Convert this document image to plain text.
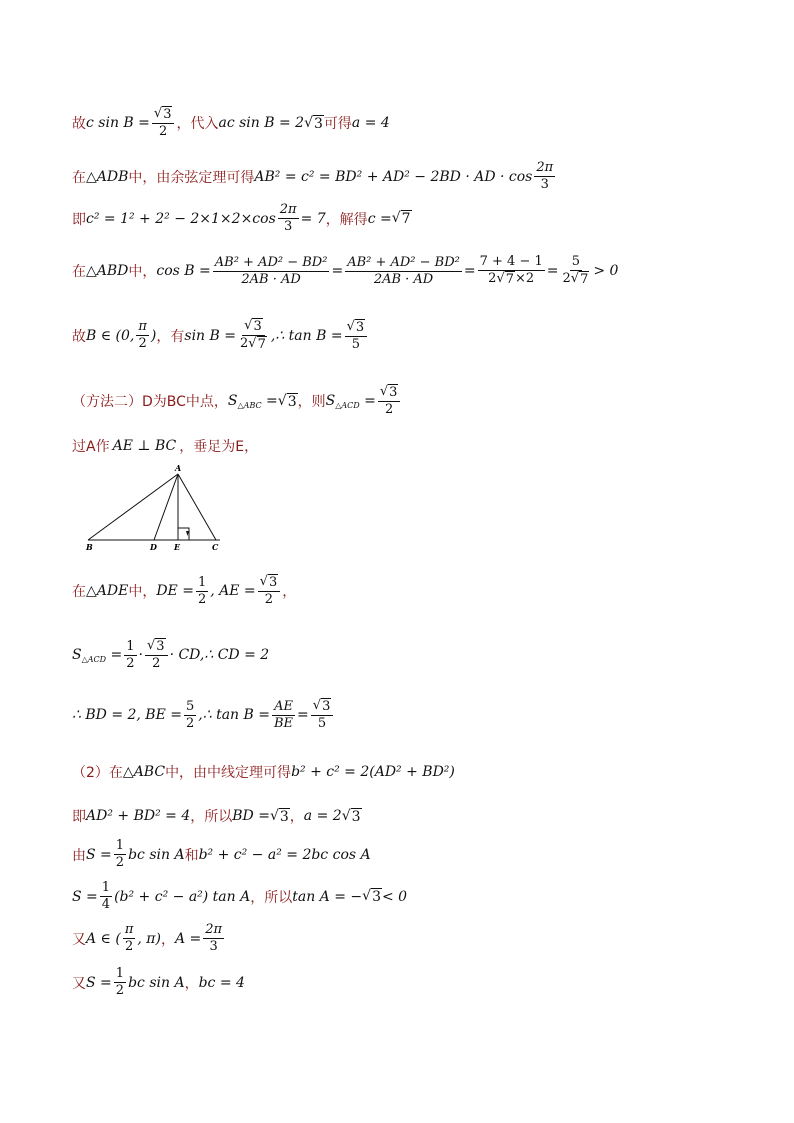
故 c $\sin B = \frac{√ 3}{2}$ ，代入 ac sin B = 2 √ 3 可得 a = 4
在 △ADB 中，由余弦定理可得 AB² = c² = BD² + AD² − 2BD · AD · $\cos \frac{2\pi}{3}$
即 $c^2 = 1^2 + 2^2 - 2\times 1\times 2\times\cos \frac{2\pi}{3} = 7$ ，解得 c = √ 7
在 △ABD 中， $\cos B = \frac{\text{AB² + AD² − BD²}}{2AB \cdot AD} = \frac{\text{AB² + AD² − BD²}}{2AB \cdot AD} = \frac{7 + 4 - 1}{2 √ 7 \times 2} = \frac{5}{2 √ 7} > 0$
故 B ∈ (0, $\frac{\pi}{2}$ ) ，有 $\sin B = \frac{√ 3}{2 √ 7}$ , ∴ $\tan B = \frac{√ 3}{5}$
（方法二）D为BC中点， $S_{\triangle ABC}$ = √ 3 ，则 $S_{\triangle ACD} = \frac{√ 3}{2}$
过A作 AE ⊥ BC ，垂足为E，
A
B	D E	C
在 △ADE 中， DE = $\frac{1}{2}$ , AE = $\frac{√ 3}{2}$ ，
$S_{\triangle ACD} = \frac{1}{2} \cdot \frac{√ 3}{2}$ · CD,∴ CD = 2
∴ BD = 2, BE = $\frac{5}{2}$ ,∴ $\tan B = \frac{AE}{BE} = \frac{√ 3}{5}$
（2）在 △ABC 中，由中线定理可得 b² + c² = 2(AD² + BD²)
即 AD² + BD² = 4 ，所以 BD = √ 3 ， a = 2 √ 3
由 $S = \frac{1}{2}$ bc sin A 和 b² + c² − a² = 2bc cos A
$S = \frac{1}{4} (b^2 + c^2 - a^2)$ tan A ，所以 tan A = − √ 3 < 0
又 A ∈ ( $\frac{\pi}{2}$ , π) ， $A = \frac{2\pi}{3}$
又 $S = \frac{1}{2}$ bc sin A ， bc = 4
